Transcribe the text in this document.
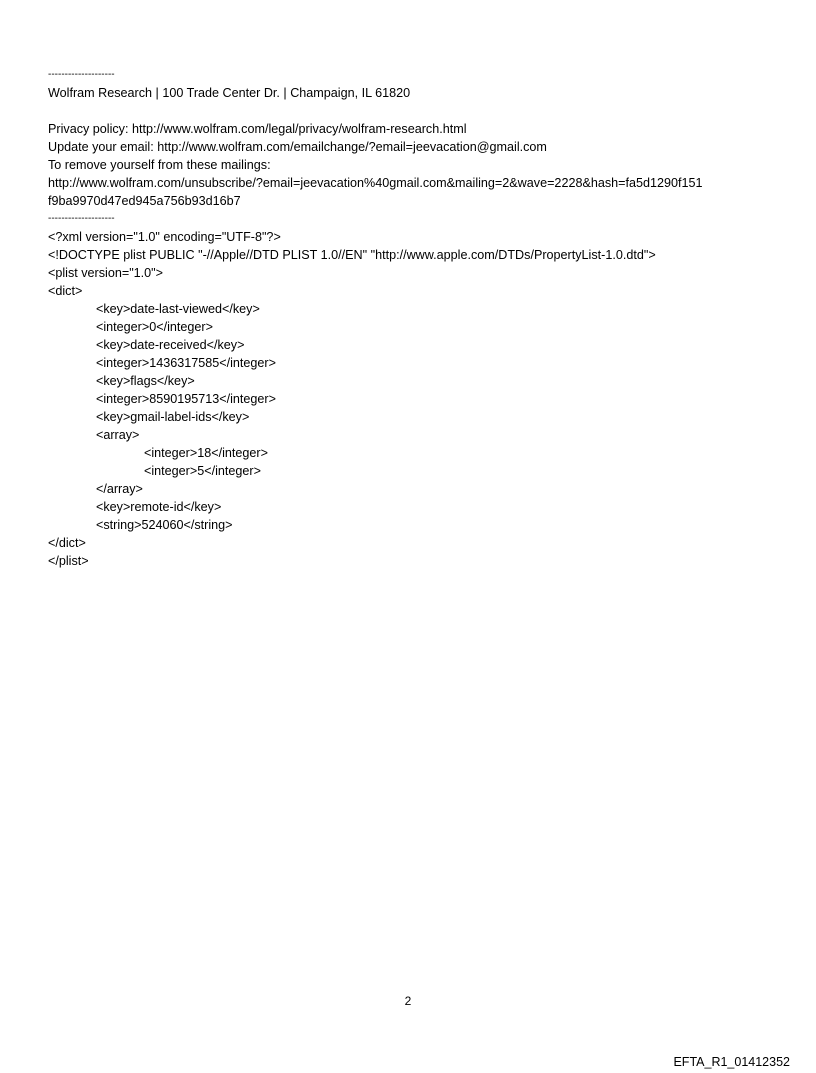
--------------------
Wolfram Research | 100 Trade Center Dr. | Champaign, IL 61820
Privacy policy: http://www.wolfram.com/legal/privacy/wolfram-research.html
Update your email: http://www.wolfram.com/emailchange/?email=jeevacation@gmail.com
To remove yourself from these mailings:
http://www.wolfram.com/unsubscribe/?email=jeevacation%40gmail.com&mailing=2&wave=2228&hash=fa5d1290f151
f9ba9970d47ed945a756b93d16b7
--------------------
<?xml version="1.0" encoding="UTF-8"?>
<!DOCTYPE plist PUBLIC "-//Apple//DTD PLIST 1.0//EN" "http://www.apple.com/DTDs/PropertyList-1.0.dtd">
<plist version="1.0">
<dict>
<key>date-last-viewed</key>
<integer>0</integer>
<key>date-received</key>
<integer>1436317585</integer>
<key>flags</key>
<integer>8590195713</integer>
<key>gmail-label-ids</key>
<array>
<integer>18</integer>
<integer>5</integer>
</array>
<key>remote-id</key>
<string>524060</string>
</dict>
</plist>
2
EFTA_R1_01412352
